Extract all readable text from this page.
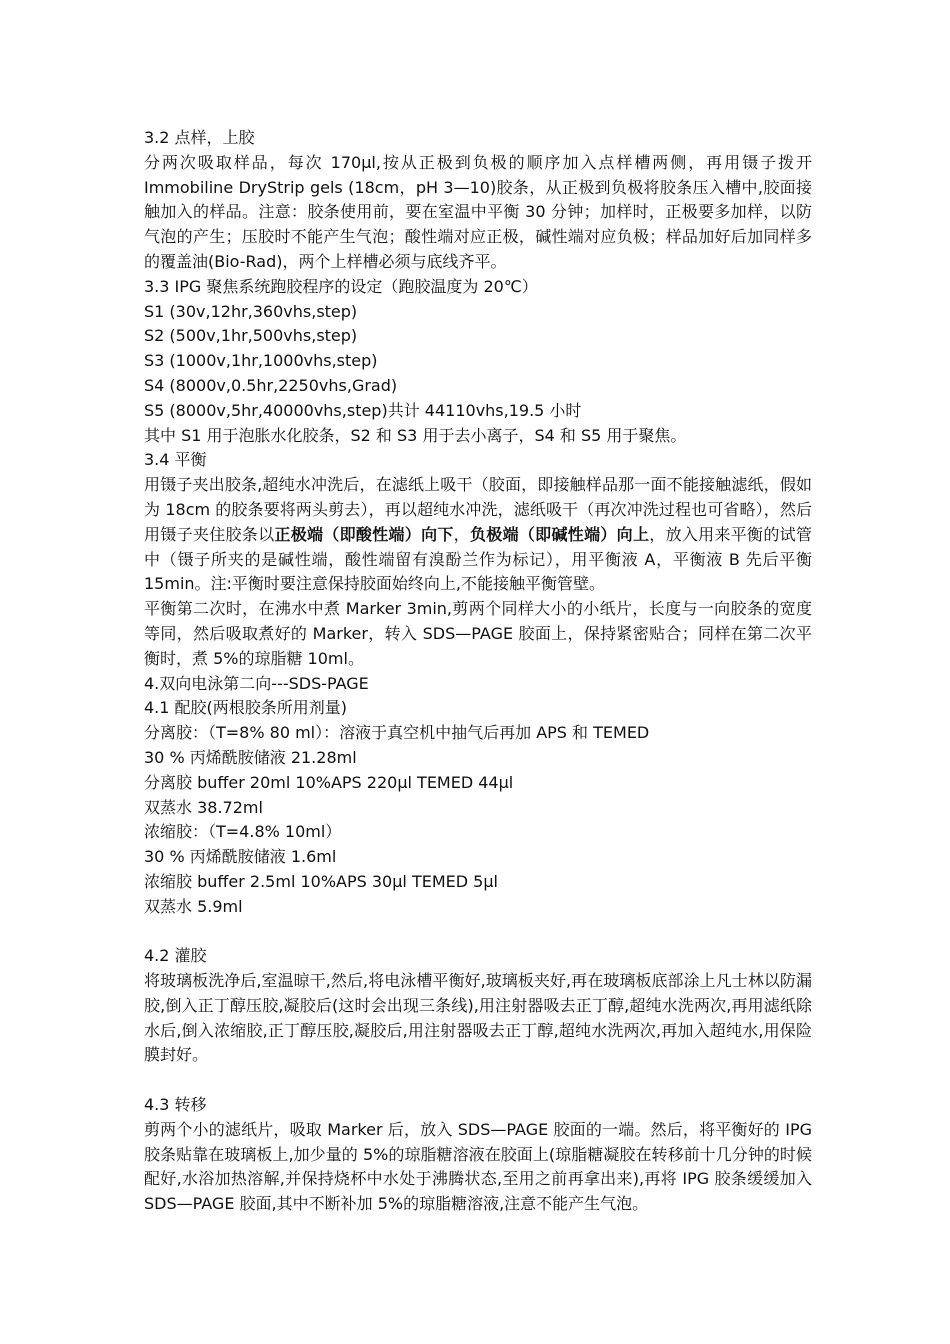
3.2 点样，上胶
分两次吸取样品，每次 170μl,按从正极到负极的顺序加入点样槽两侧，再用镊子拨开 Immobiline DryStrip gels (18cm，pH 3—10)胶条，从正极到负极将胶条压入槽中,胶面接触加入的样品。注意：胶条使用前，要在室温中平衡 30 分钟；加样时，正极要多加样，以防气泡的产生；压胶时不能产生气泡；酸性端对应正极，碱性端对应负极；样品加好后加同样多的覆盖油(Bio-Rad)，两个上样槽必须与底线齐平。
3.3 IPG 聚焦系统跑胶程序的设定（跑胶温度为 20℃）
S1 (30v,12hr,360vhs,step)
S2 (500v,1hr,500vhs,step)
S3 (1000v,1hr,1000vhs,step)
S4 (8000v,0.5hr,2250vhs,Grad)
S5 (8000v,5hr,40000vhs,step)共计 44110vhs,19.5 小时
其中 S1 用于泡胀水化胶条，S2 和 S3 用于去小离子，S4 和 S5 用于聚焦。
3.4 平衡
用镊子夹出胶条,超纯水冲洗后，在滤纸上吸干（胶面，即接触样品那一面不能接触滤纸，假如为 18cm 的胶条要将两头剪去），再以超纯水冲洗，滤纸吸干（再次冲洗过程也可省略），然后用镊子夹住胶条以正极端（即酸性端）向下，负极端（即碱性端）向上，放入用来平衡的试管中（镊子所夹的是碱性端，酸性端留有溴酚兰作为标记），用平衡液 A，平衡液 B 先后平衡 15min。注:平衡时要注意保持胶面始终向上,不能接触平衡管壁。
平衡第二次时，在沸水中煮 Marker 3min,剪两个同样大小的小纸片，长度与一向胶条的宽度等同，然后吸取煮好的 Marker，转入 SDS—PAGE 胶面上，保持紧密贴合；同样在第二次平衡时，煮 5%的琼脂糖 10ml。
4.双向电泳第二向---SDS-PAGE
4.1 配胶(两根胶条所用剂量)
分离胶：（T=8% 80 ml）：溶液于真空机中抽气后再加 APS 和 TEMED
30 % 丙烯酰胺储液 21.28ml
分离胶 buffer 20ml 10%APS 220μl TEMED 44μl
双蒸水 38.72ml
浓缩胶：（T=4.8% 10ml）
30 % 丙烯酰胺储液 1.6ml
浓缩胶 buffer 2.5ml 10%APS 30μl TEMED 5μl
双蒸水 5.9ml
4.2 灌胶
将玻璃板洗净后,室温晾干,然后,将电泳槽平衡好,玻璃板夹好,再在玻璃板底部涂上凡士林以防漏胶,倒入正丁醇压胶,凝胶后(这时会出现三条线),用注射器吸去正丁醇,超纯水洗两次,再用滤纸除水后,倒入浓缩胶,正丁醇压胶,凝胶后,用注射器吸去正丁醇,超纯水洗两次,再加入超纯水,用保险膜封好。
4.3 转移
剪两个小的滤纸片，吸取 Marker 后，放入 SDS—PAGE 胶面的一端。然后，将平衡好的 IPG 胶条贴靠在玻璃板上,加少量的 5%的琼脂糖溶液在胶面上(琼脂糖凝胶在转移前十几分钟的时候配好,水浴加热溶解,并保持烧杯中水处于沸腾状态,至用之前再拿出来),再将 IPG 胶条缓缓加入 SDS—PAGE 胶面,其中不断补加 5%的琼脂糖溶液,注意不能产生气泡。
